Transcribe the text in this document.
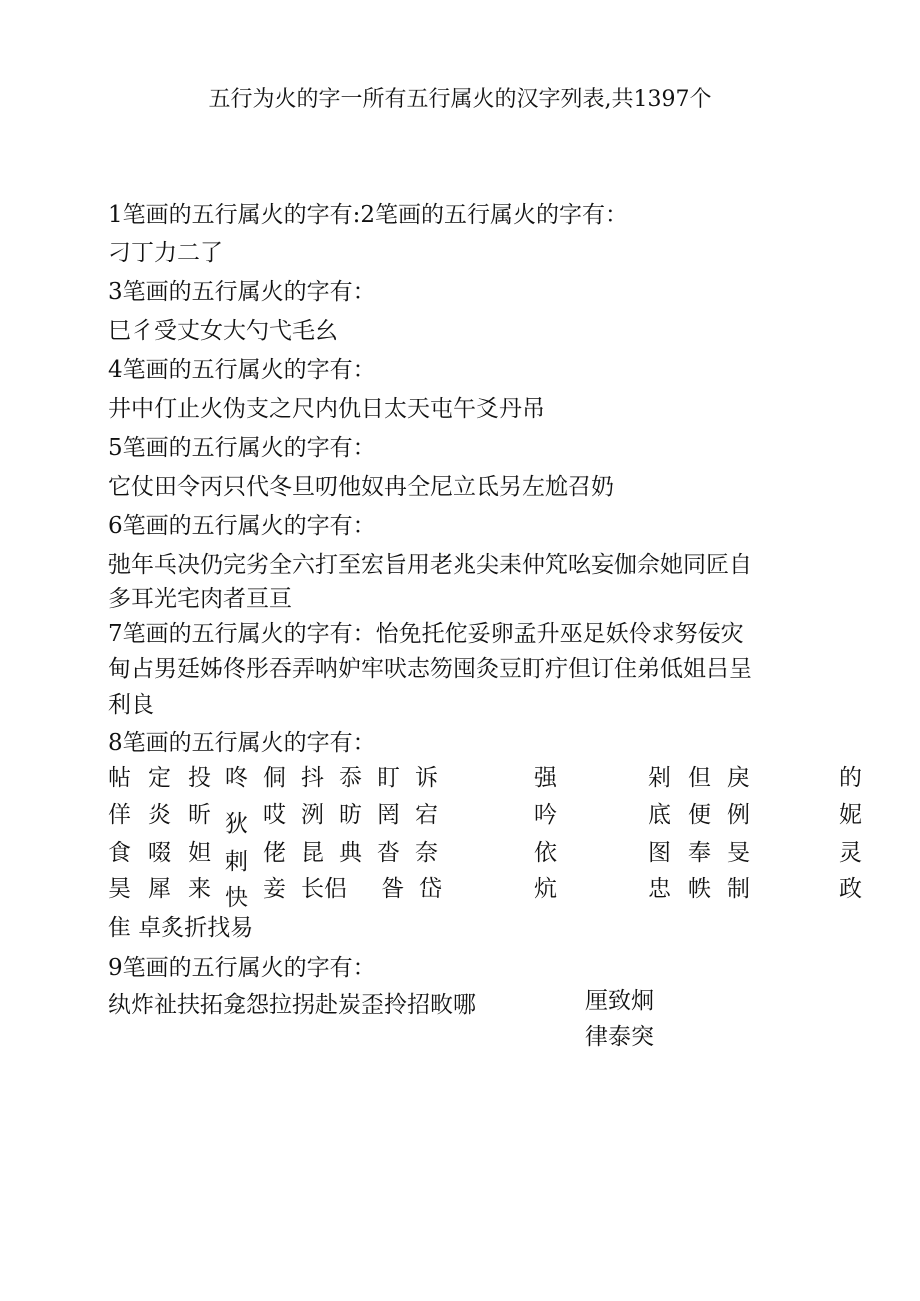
五行为火的字一所有五行属火的汉字列表,共1397个
1笔画的五行属火的字有:2笔画的五行属火的字有：
刁丁力二了
3笔画的五行属火的字有：
巳彳受丈女大勺弋毛幺
4笔画的五行属火的字有：
井中仃止火伪支之尺内仇日太天屯午爻丹吊
5笔画的五行属火的字有：
它仗田令丙只代冬旦叨他奴冉仝尼立氐另左尬召奶
6笔画的五行属火的字有：
弛年乓决仍完劣全六打至宏旨用老兆尖耒仲竼吆妄伽佘她同匠自
多耳光宅肉者亘亘
7笔画的五行属火的字有：怡免托佗妥卵孟升巫足妖伶求努佞灾
甸占男廷姊佟彤吞弄呐妒牢吠志笏囤灸豆盯疔但订住弟低姐吕呈
利良
8笔画的五行属火的字有：
帖 定 投 咚 侗 抖 忝 盯 诉	强	剁 但 戾	的
佯 炎 昕 狄 哎 洌 昉 罔 宕	吟	底 便 例	妮
食 啜 妲 剌 佬 昆 典 沓 奈	依	图 奉 旻	灵
昊 犀 来 快 妾 长侣 昝 岱	炕	忠 帙 制	政
隹 卓炙折找易
9笔画的五行属火的字有：
纨炸祉扶拓龛怨拉拐赴炭歪拎招畋哪	厘致炯
律泰突
